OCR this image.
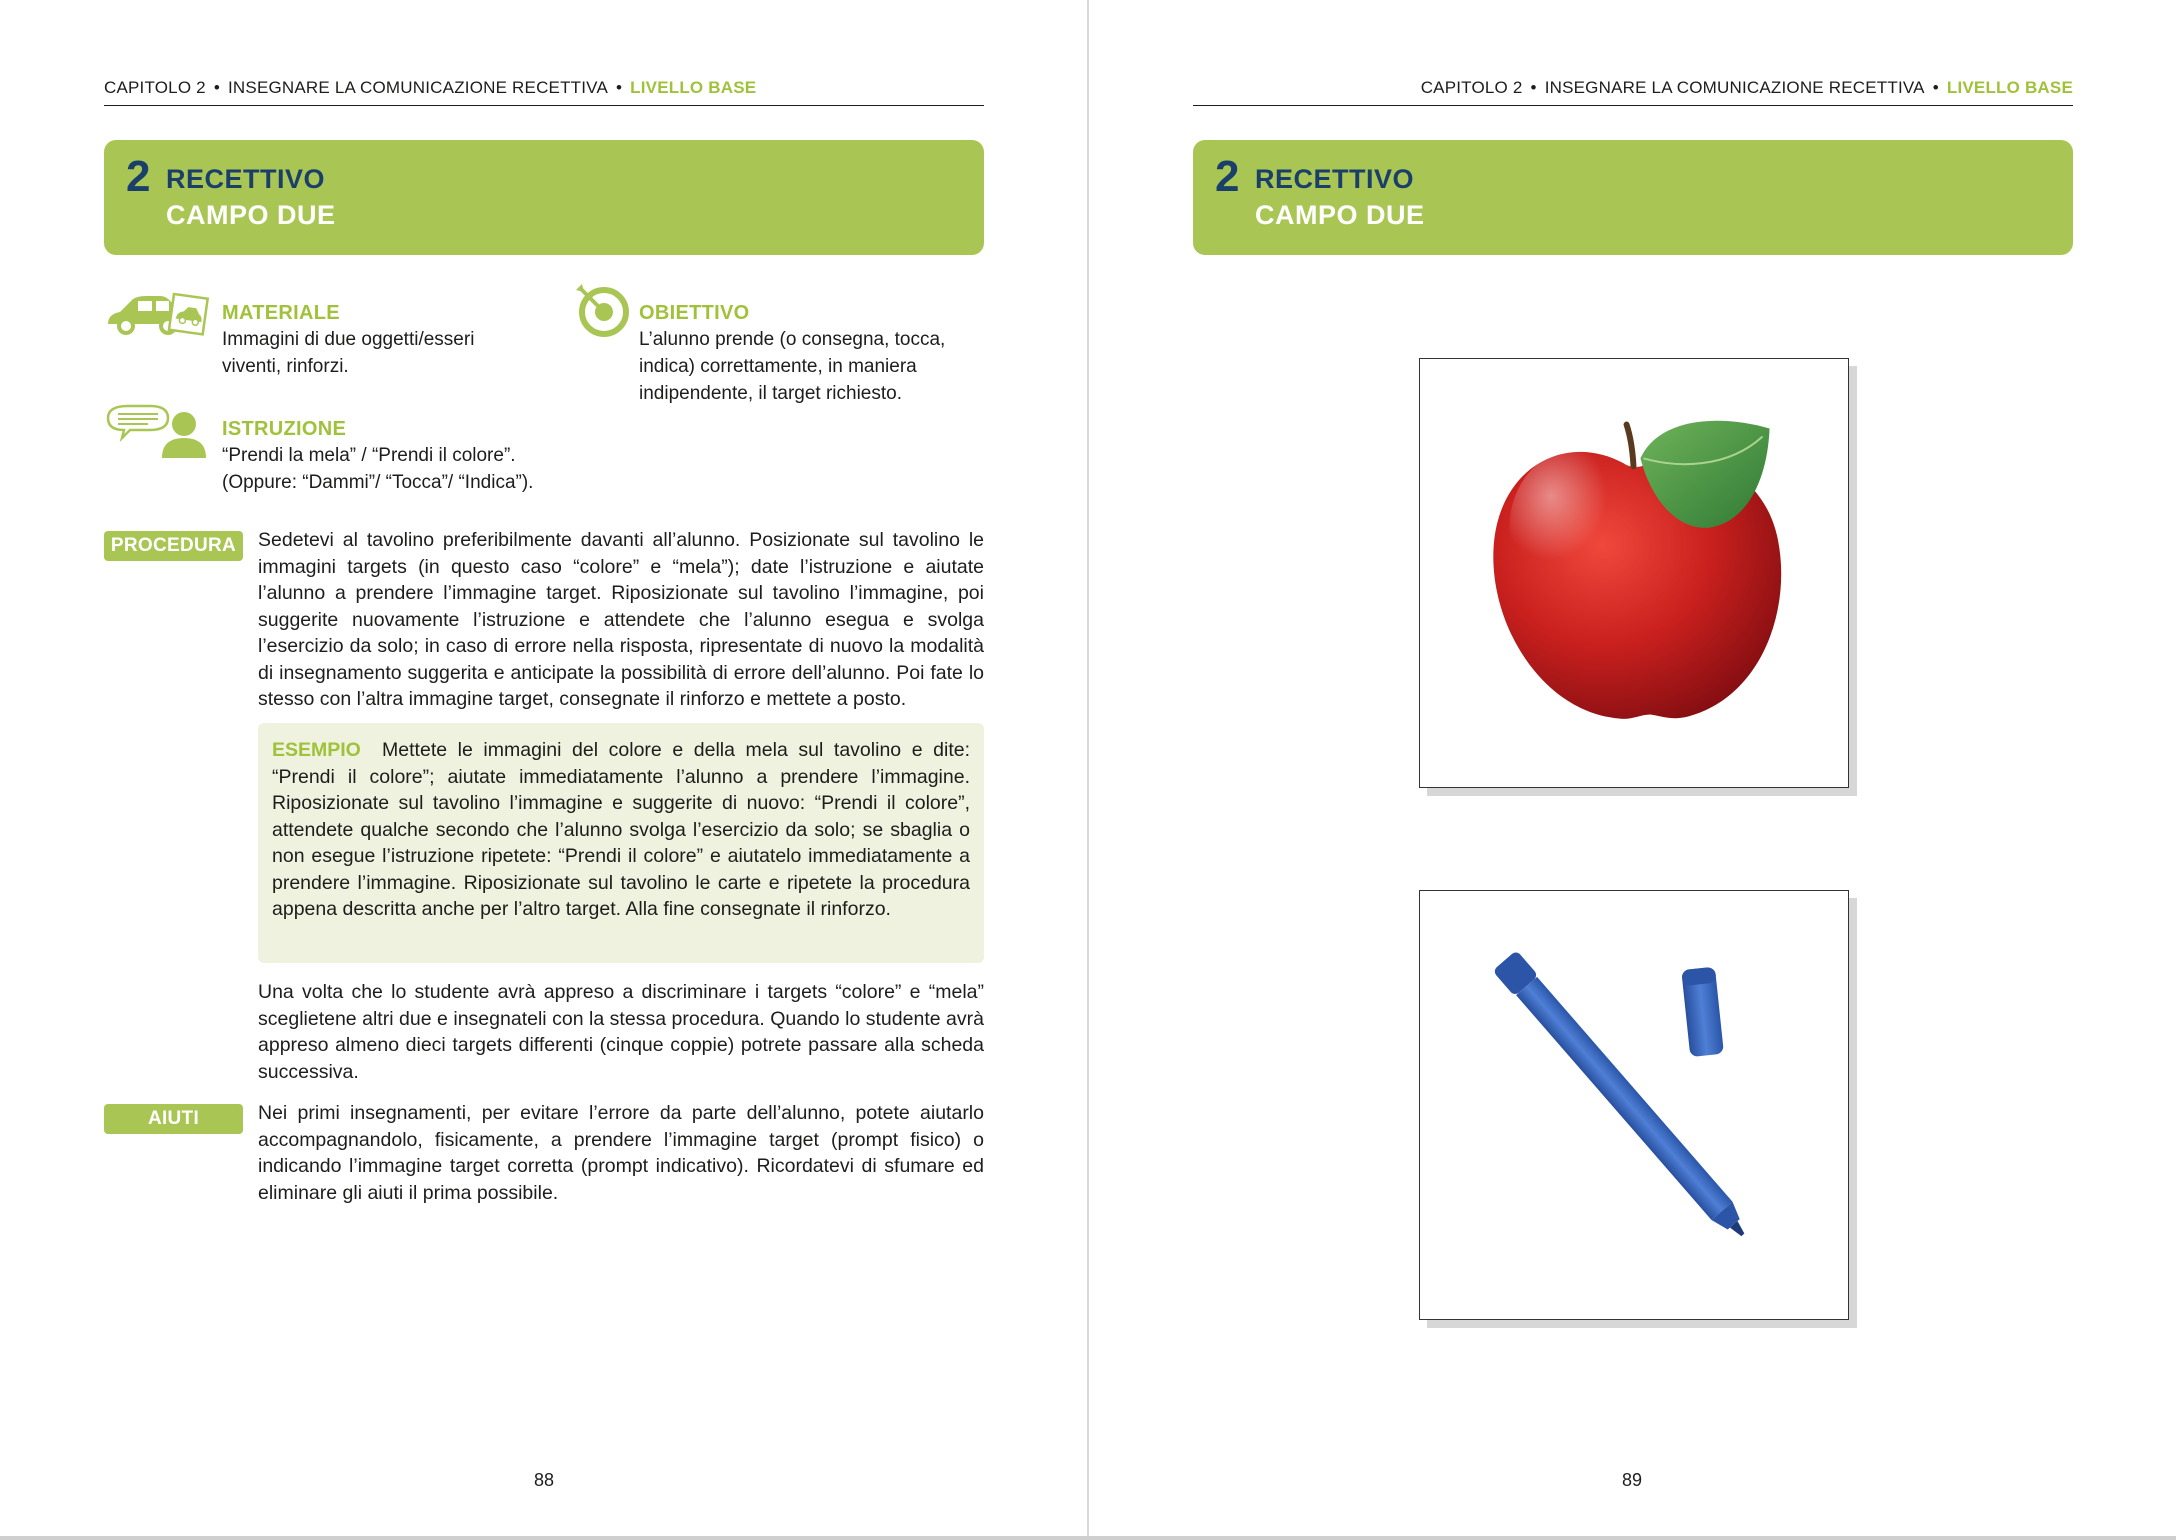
CAPITOLO 2 • INSEGNARE LA COMUNICAZIONE RECETTIVA • LIVELLO BASE
2 RECETTIVO
CAMPO DUE
MATERIALE
Immagini di due oggetti/esseri
viventi, rinforzi.
OBIETTIVO
L’alunno prende (o consegna, tocca,
indica) correttamente, in maniera
indipendente, il target richiesto.
ISTRUZIONE
“Prendi la mela” / “Prendi il colore”.
(Oppure: “Dammi”/ “Tocca”/ “Indica”).
PROCEDURA	Sedetevi al tavolino preferibilmente davanti all’alunno. Posizionate sul tavolino le immagini targets (in questo caso “colore” e “mela”); date l’istruzione e aiutate l’alunno a prendere l’immagine target. Riposizionate sul tavolino l’immagine, poi suggerite nuovamente l’istruzione e attendete che l’alunno esegua e svolga l’esercizio da solo; in caso di errore nella risposta, ripresentate di nuovo la modalità di insegnamento suggerita e anticipate la possibilità di errore dell’alunno. Poi fate lo stesso con l’altra immagine target, consegnate il rinforzo e mettete a posto.
ESEMPIO Mettete le immagini del colore e della mela sul tavolino e dite: “Prendi il colore”; aiutate immediatamente l’alunno a prendere l’immagine. Riposizionate sul tavolino l’immagine e suggerite di nuovo: “Prendi il colore”, attendete qualche secondo che l’alunno svolga l’esercizio da solo; se sbaglia o non esegue l’istruzione ripetete: “Prendi il colore” e aiutatelo immediatamente a prendere l’immagine. Riposizionate sul tavolino le carte e ripetete la procedura appena descritta anche per l’altro target. Alla fine consegnate il rinforzo.
Una volta che lo studente avrà appreso a discriminare i targets “colore” e “mela” sceglietene altri due e insegnateli con la stessa procedura. Quando lo studente avrà appreso almeno dieci targets differenti (cinque coppie) potrete passare alla scheda successiva.
AIUTI	Nei primi insegnamenti, per evitare l’errore da parte dell’alunno, potete aiutarlo accompagnandolo, fisicamente, a prendere l’immagine target (prompt fisico) o indicando l’immagine target corretta (prompt indicativo). Ricordatevi di sfumare ed eliminare gli aiuti il prima possibile.
88
CAPITOLO 2 • INSEGNARE LA COMUNICAZIONE RECETTIVA • LIVELLO BASE
2 RECETTIVO
CAMPO DUE
89
